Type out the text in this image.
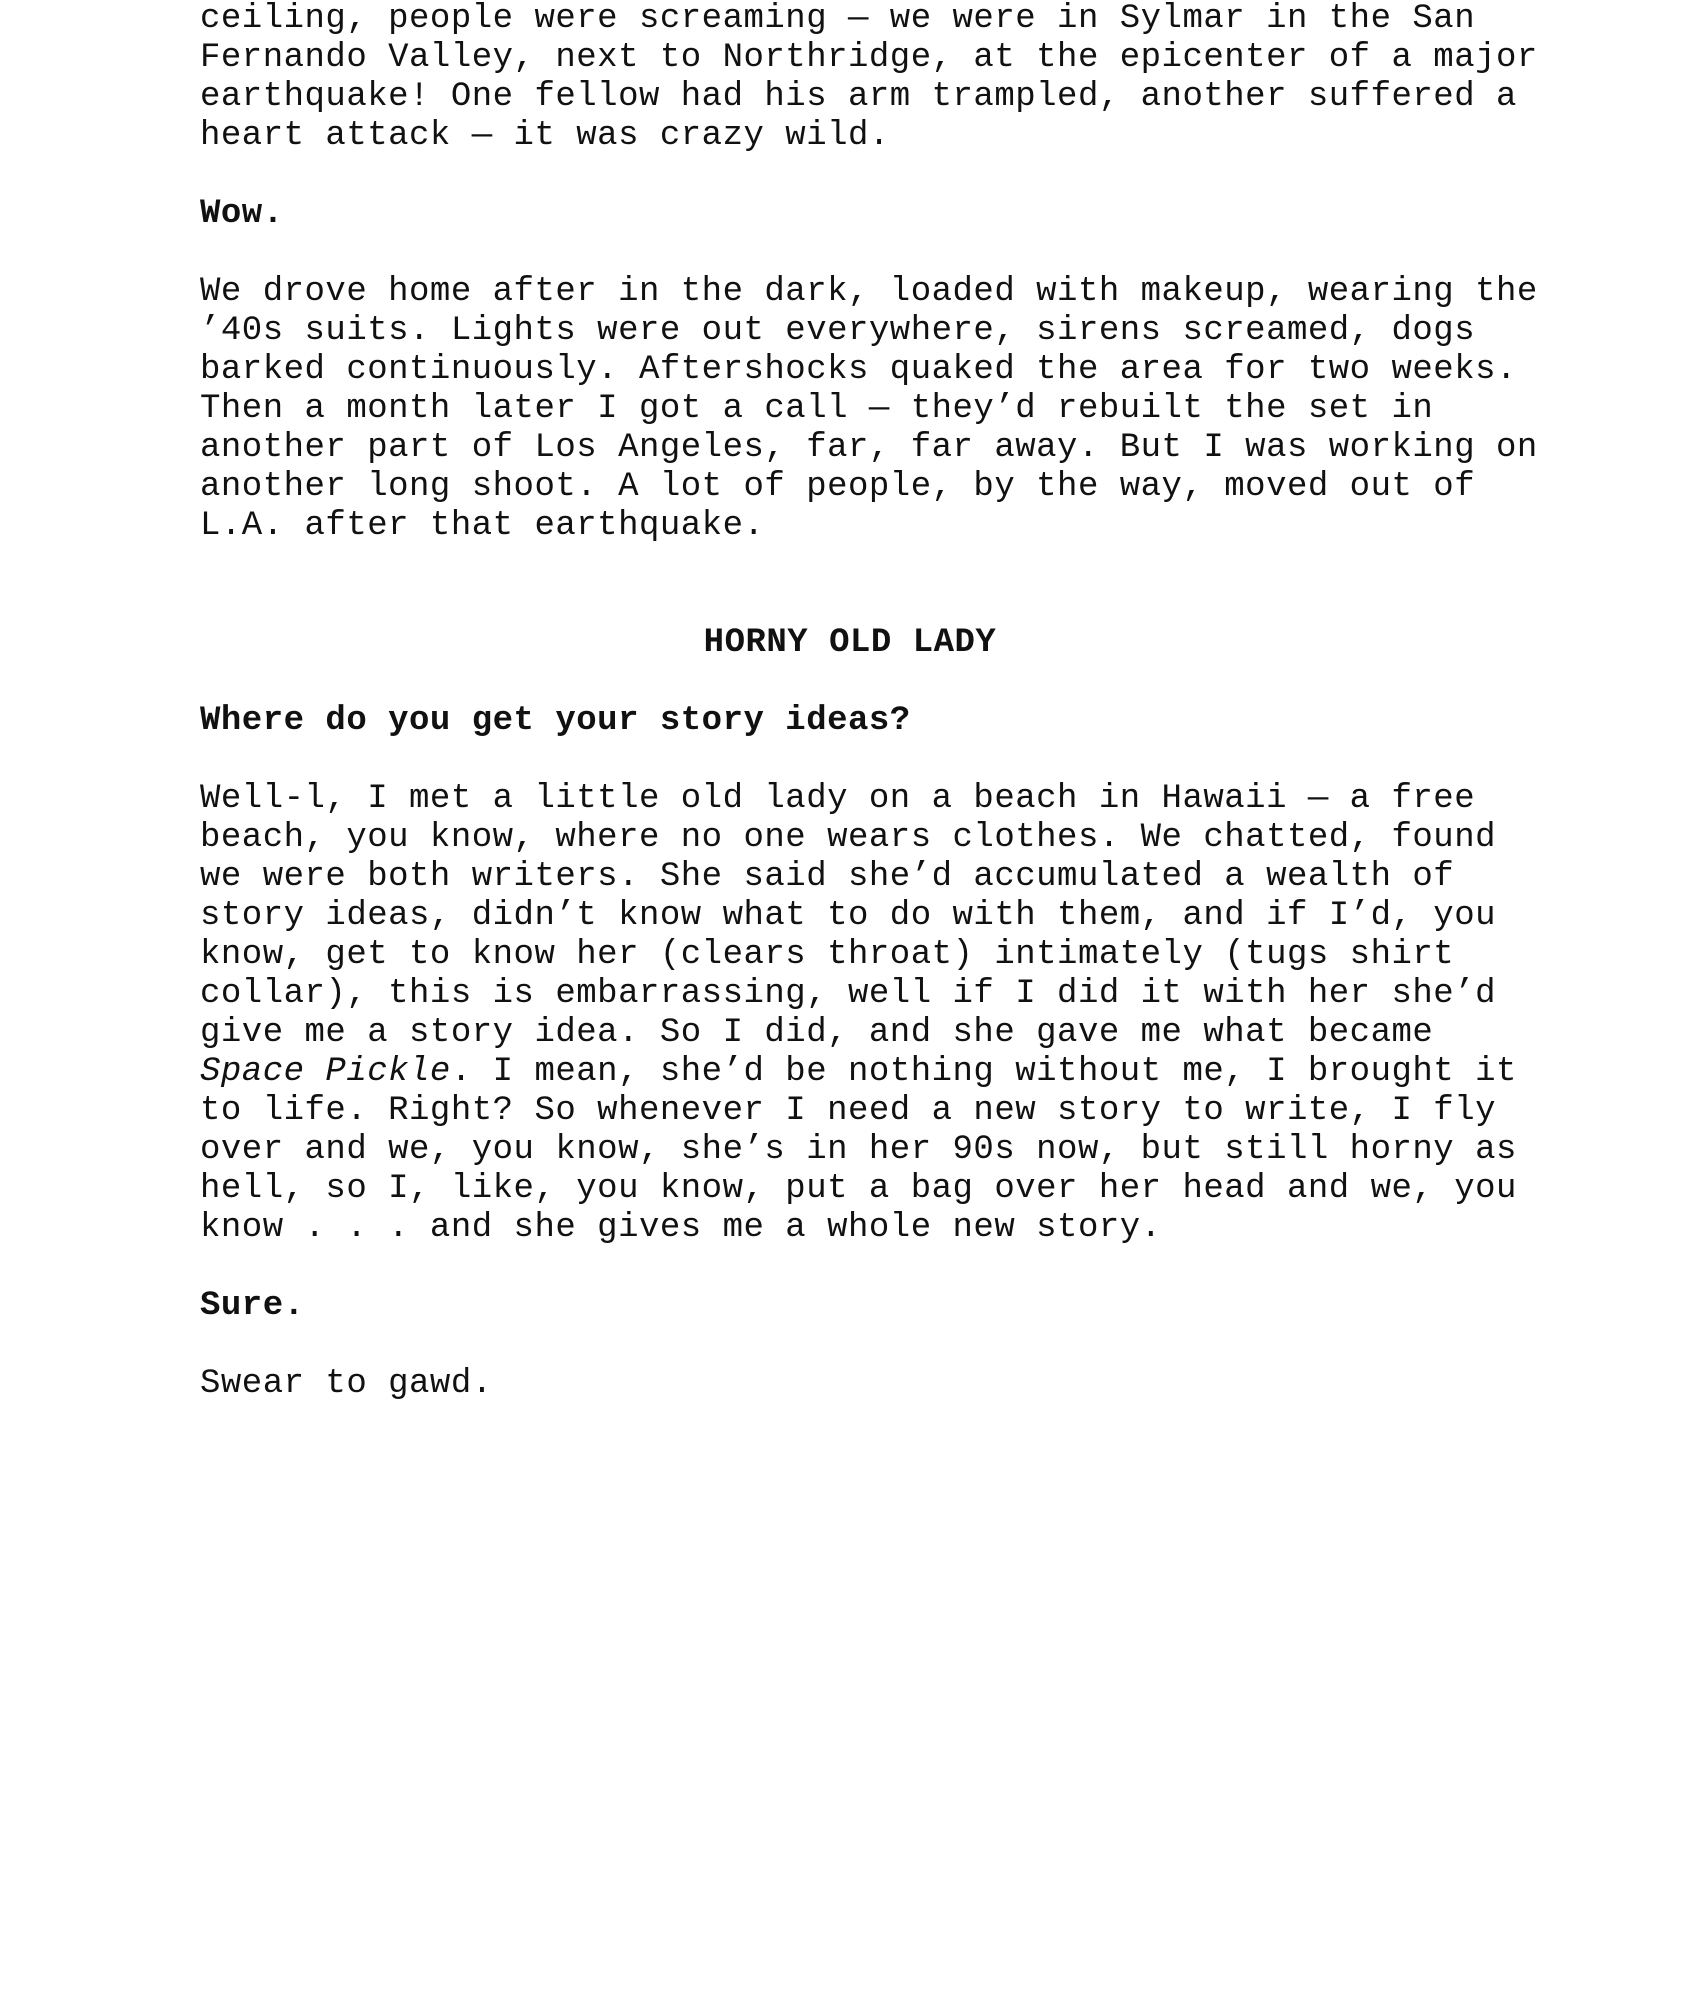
ceiling, people were screaming — we were in Sylmar in the San
Fernando Valley, next to Northridge, at the epicenter of a major
earthquake! One fellow had his arm trampled, another suffered a
heart attack — it was crazy wild.
Wow.
We drove home after in the dark, loaded with makeup, wearing the
’40s suits. Lights were out everywhere, sirens screamed, dogs
barked continuously. Aftershocks quaked the area for two weeks.
Then a month later I got a call — they’d rebuilt the set in
another part of Los Angeles, far, far away. But I was working on
another long shoot. A lot of people, by the way, moved out of
L.A. after that earthquake.
HORNY OLD LADY
Where do you get your story ideas?
Well-l, I met a little old lady on a beach in Hawaii — a free
beach, you know, where no one wears clothes. We chatted, found
we were both writers. She said she’d accumulated a wealth of
story ideas, didn’t know what to do with them, and if I’d, you
know, get to know her (clears throat) intimately (tugs shirt
collar), this is embarrassing, well if I did it with her she’d
give me a story idea. So I did, and she gave me what became
Space Pickle. I mean, she’d be nothing without me, I brought it
to life. Right? So whenever I need a new story to write, I fly
over and we, you know, she’s in her 90s now, but still horny as
hell, so I, like, you know, put a bag over her head and we, you
know . . . and she gives me a whole new story.
Sure.
Swear to gawd.
